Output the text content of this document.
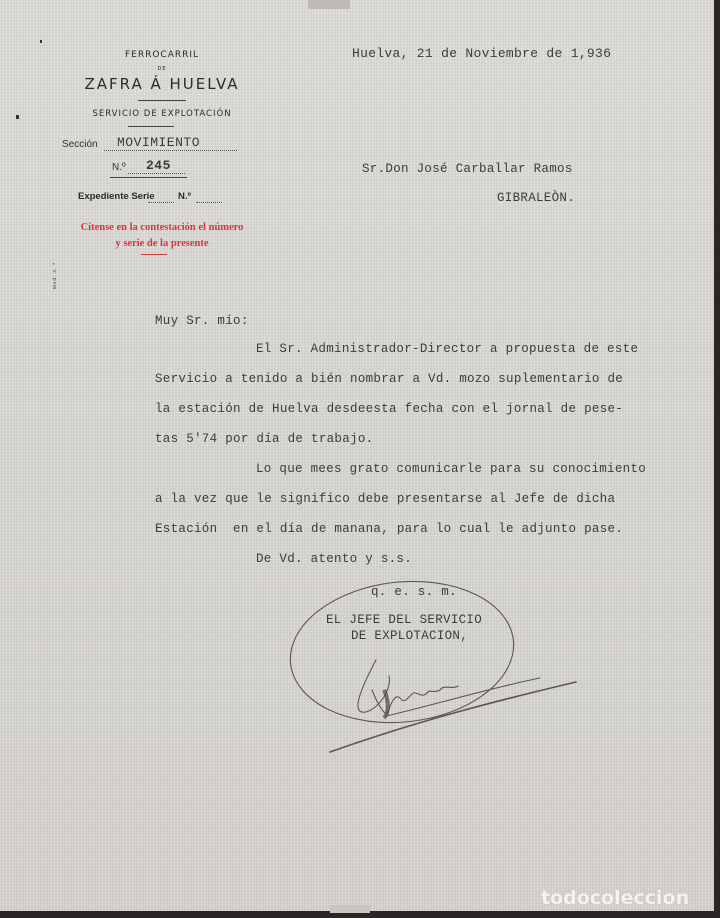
FERROCARRIL
DE
ZAFRA Á HUELVA
SERVICIO DE EXPLOTACIÓN
Sección MOVIMIENTO
N.º 245
Expediente Serie N.º
Cítense en la contestación el número
y serie de la presente
Mod. 3. ª
Huelva, 21 de Noviembre de 1,936
Sr.Don José Carballar Ramos
GIBRALEÒN.
Muy Sr. mío:
El Sr. Administrador-Director a propuesta de este
Servicio a tenido a bién nombrar a Vd. mozo suplementario de
la estación de Huelva desdeesta fecha con el jornal de pese-
tas 5'74 por día de trabajo.
Lo que mees grato comunicarle para su conocimiento
a la vez que le significo debe presentarse al Jefe de dicha
Estación  en el día de manana, para lo cual le adjunto pase.
De Vd. atento y s.s.
q. e. s. m.
EL JEFE DEL SERVICIO
DE EXPLOTACION,
todocoleccion
